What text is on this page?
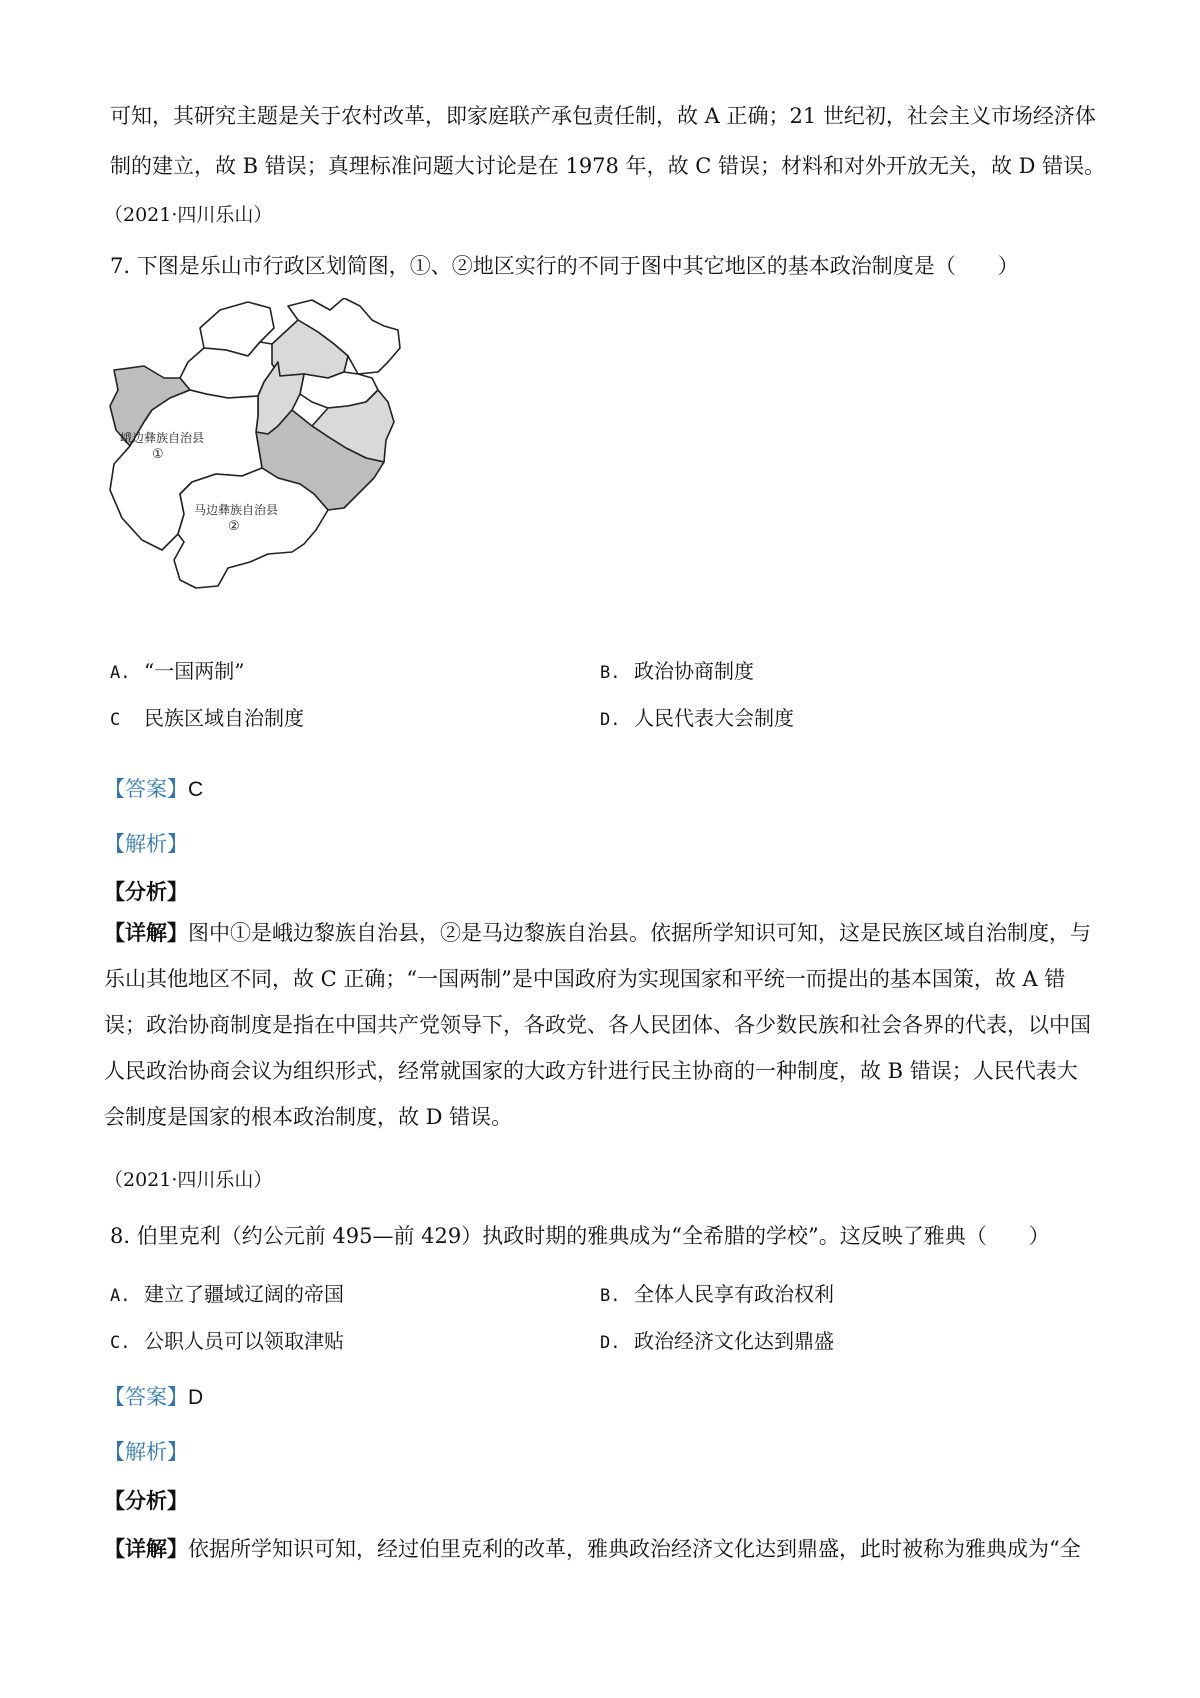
可知，其研究主题是关于农村改革，即家庭联产承包责任制，故 A 正确；21 世纪初，社会主义市场经济体
制的建立，故 B 错误；真理标准问题大讨论是在 1978 年，故 C 错误；材料和对外开放无关，故 D 错误。
（2021·四川乐山）
7. 下图是乐山市行政区划简图，①、②地区实行的不同于图中其它地区的基本政治制度是（　　）
峨边彝族自治县
①
马边彝族自治县
②
A. “一国两制”	B. 政治协商制度
C 民族区域自治制度	D. 人民代表大会制度
【答案】C
【解析】
【分析】
【详解】图中①是峨边黎族自治县，②是马边黎族自治县。依据所学知识可知，这是民族区域自治制度，与乐山其他地区不同，故 C 正确；“一国两制”是中国政府为实现国家和平统一而提出的基本国策，故 A 错误；政治协商制度是指在中国共产党领导下，各政党、各人民团体、各少数民族和社会各界的代表，以中国人民政治协商会议为组织形式，经常就国家的大政方针进行民主协商的一种制度，故 B 错误；人民代表大会制度是国家的根本政治制度，故 D 错误。
（2021·四川乐山）
8. 伯里克利（约公元前 495—前 429）执政时期的雅典成为“全希腊的学校”。这反映了雅典（　　）
A. 建立了疆域辽阔的帝国	B. 全体人民享有政治权利
C. 公职人员可以领取津贴	D. 政治经济文化达到鼎盛
【答案】D
【解析】
【分析】
【详解】依据所学知识可知，经过伯里克利的改革，雅典政治经济文化达到鼎盛，此时被称为雅典成为“全
